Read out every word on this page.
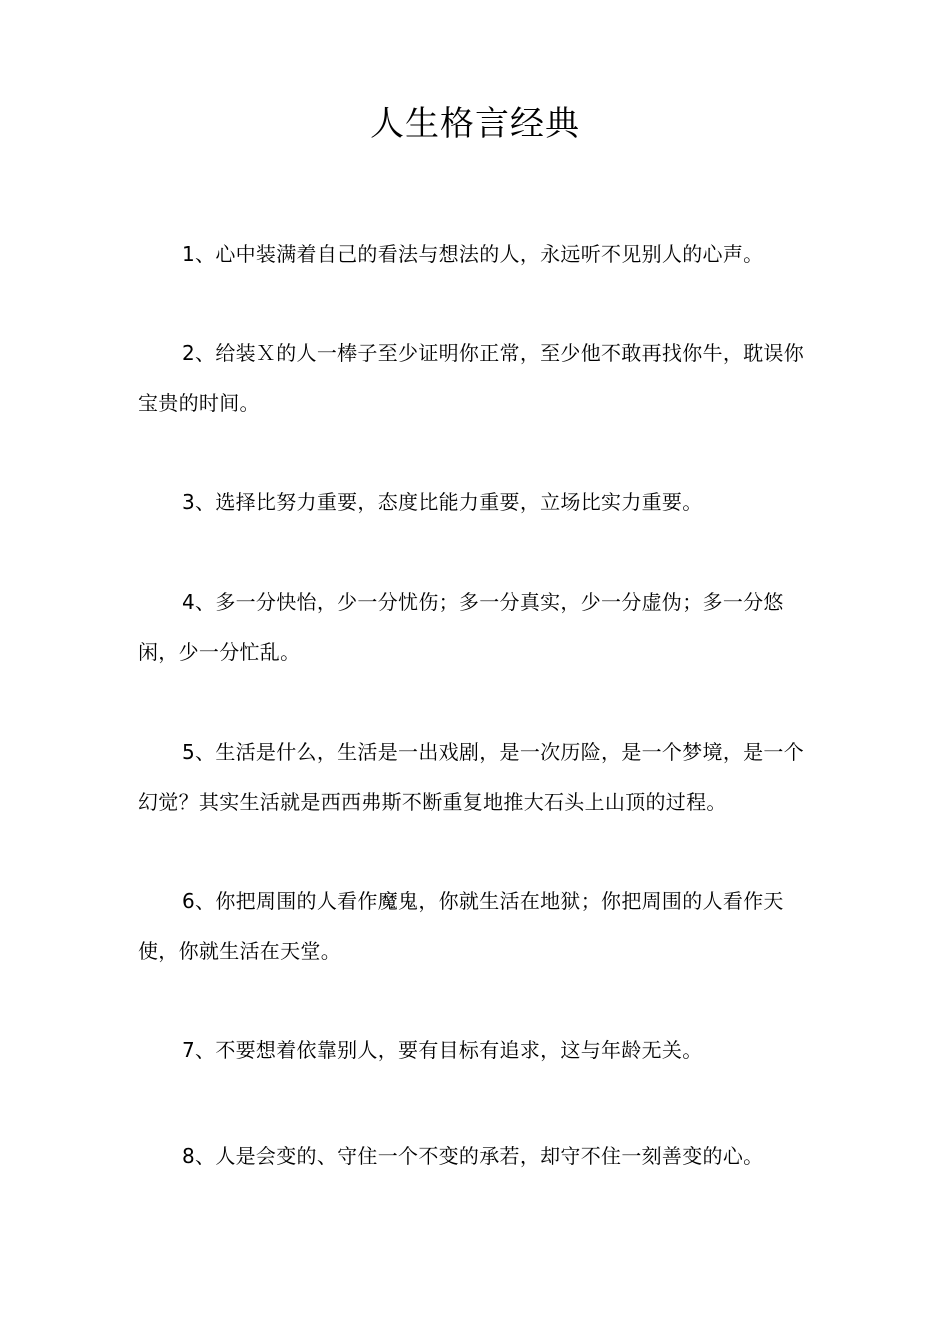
人生格言经典

1、心中装满着自己的看法与想法的人，永远听不见别人的心声。

2、给装Ｘ的人一棒子至少证明你正常，至少他不敢再找你牛，耽误你宝贵的时间。

3、选择比努力重要，态度比能力重要，立场比实力重要。

4、多一分快怡，少一分忧伤；多一分真实，少一分虚伪；多一分悠闲，少一分忙乱。

5、生活是什么，生活是一出戏剧，是一次历险，是一个梦境，是一个幻觉？其实生活就是西西弗斯不断重复地推大石头上山顶的过程。

6、你把周围的人看作魔鬼，你就生活在地狱；你把周围的人看作天使，你就生活在天堂。

7、不要想着依靠别人，要有目标有追求，这与年龄无关。

8、人是会变的、守住一个不变的承若，却守不住一刻善变的心。
